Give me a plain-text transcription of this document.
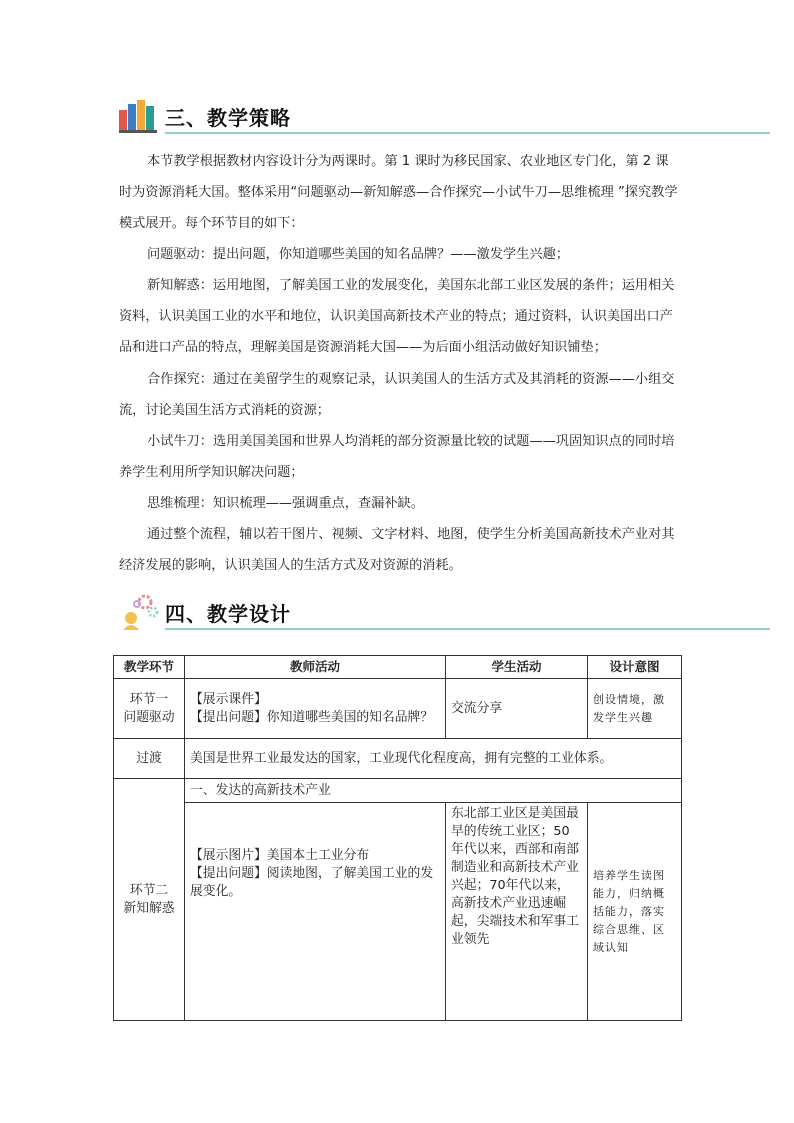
三、教学策略

本节教学根据教材内容设计分为两课时。第 1 课时为移民国家、农业地区专门化，第 2 课时为资源消耗大国。整体采用“问题驱动—新知解惑—合作探究—小试牛刀—思维梳理 ”探究教学模式展开。每个环节目的如下：

问题驱动：提出问题，你知道哪些美国的知名品牌？——激发学生兴趣；

新知解惑：运用地图，了解美国工业的发展变化，美国东北部工业区发展的条件；运用相关资料，认识美国工业的水平和地位，认识美国高新技术产业的特点；通过资料，认识美国出口产品和进口产品的特点，理解美国是资源消耗大国——为后面小组活动做好知识铺垫；

合作探究：通过在美留学生的观察记录，认识美国人的生活方式及其消耗的资源——小组交流，讨论美国生活方式消耗的资源；

小试牛刀：选用美国美国和世界人均消耗的部分资源量比较的试题——巩固知识点的同时培养学生利用所学知识解决问题；

思维梳理：知识梳理——强调重点，查漏补缺。

通过整个流程，辅以若干图片、视频、文字材料、地图，使学生分析美国高新技术产业对其经济发展的影响，认识美国人的生活方式及对资源的消耗。

四、教学设计
教学环节	教师活动	学生活动	设计意图
环节一
问题驱动	【展示课件】
【提出问题】你知道哪些美国的知名品牌？	交流分享	创设情境，激发学生兴趣
过渡	美国是世界工业最发达的国家，工业现代化程度高，拥有完整的工业体系。		
环节二
新知解惑	一、发达的高新技术产业		
	【展示图片】美国本土工业分布
【提出问题】阅读地图，了解美国工业的发展变化。	东北部工业区是美国最早的传统工业区；50年代以来，西部和南部制造业和高新技术产业兴起；70年代以来，高新技术产业迅速崛起，尖端技术和军事工业领先	培养学生读图能力，归纳概括能力，落实综合思维、区域认知
